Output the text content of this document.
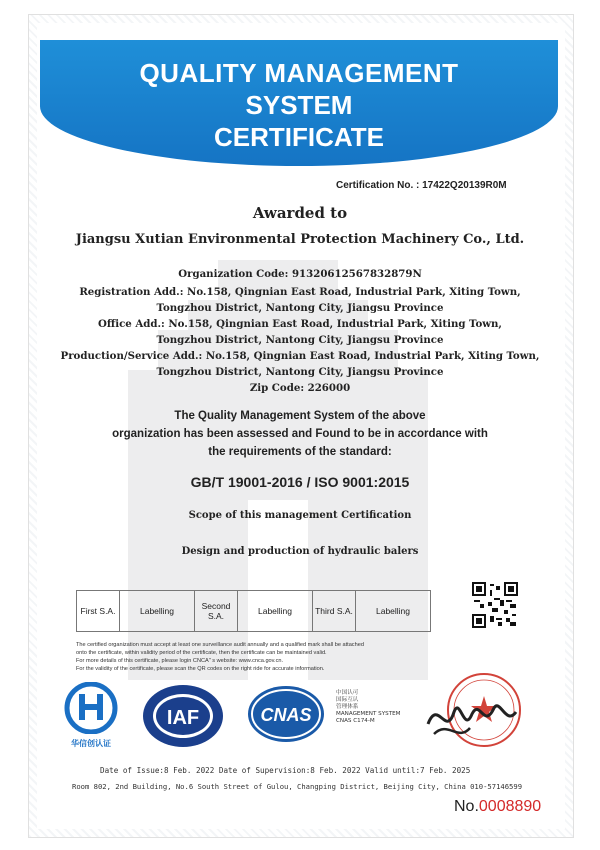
QUALITY MANAGEMENT
SYSTEM
CERTIFICATE
Certification No. : 17422Q20139R0M
Awarded to
Jiangsu Xutian Environmental Protection Machinery Co., Ltd.
Organization Code: 91320612567832879N
Registration Add.: No.158, Qingnian East Road, Industrial Park, Xiting Town,
Tongzhou District, Nantong City, Jiangsu Province
Office Add.: No.158, Qingnian East Road, Industrial Park, Xiting Town,
Tongzhou District, Nantong City, Jiangsu Province
Production/Service Add.: No.158, Qingnian East Road, Industrial Park, Xiting Town,
Tongzhou District, Nantong City, Jiangsu Province
Zip Code: 226000
The Quality Management System of the above
organization has been assessed and Found to be in accordance with
the requirements of the standard:
GB/T 19001-2016 / ISO 9001:2015
Scope of this management Certification
Design and production of hydraulic balers
First S.A.	Labelling	Second S.A.	Labelling	Third S.A.	Labelling
The certified organization must accept at least one surveillance audit annually and a qualified mark shall be attached
onto the certificate, within validity period of the certificate, then the certificate can be maintained valid.
For more details of this certificate, please login CNCA" s website: www.cnca.gov.cn.
For the validity of the certificate, please scan the QR codes on the right ride for accurate information.
华信创认证
IAF	CNAS
中国认可
国际互认
管理体系
MANAGEMENT SYSTEM
CNAS C174-M
Date of Issue:8 Feb. 2022 Date of Supervision:8 Feb. 2022 Valid until:7 Feb. 2025
Room 802, 2nd Building, No.6 South Street of Gulou, Changping District, Beijing City, China 010-57146599
No.0008890
